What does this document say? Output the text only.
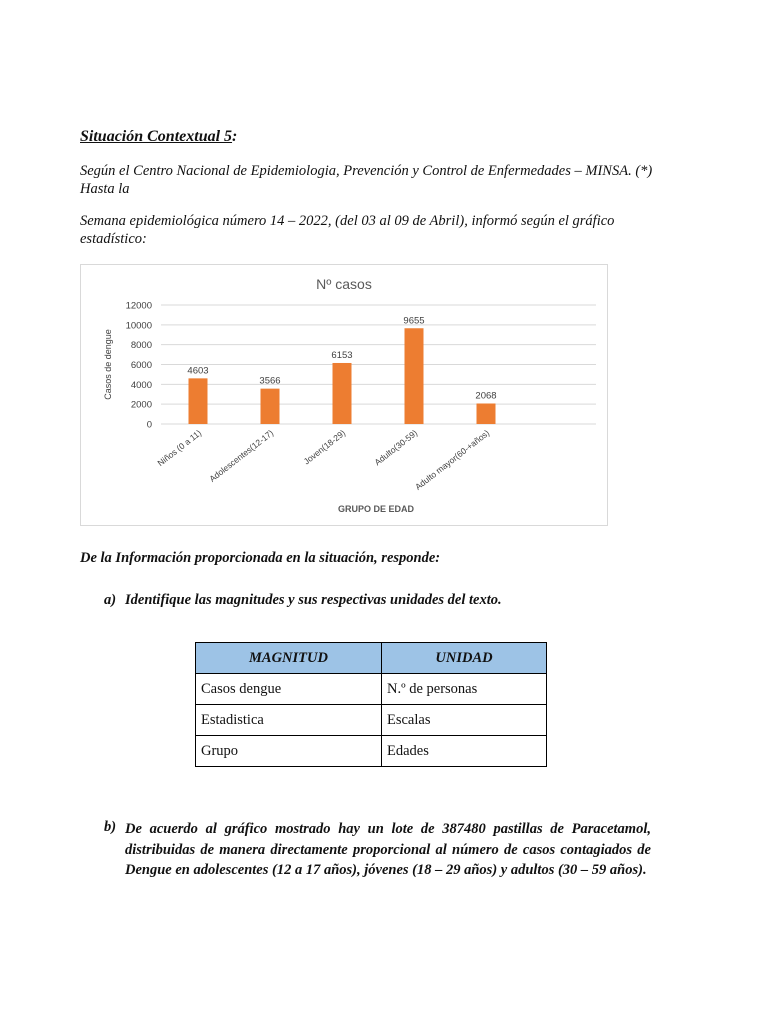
Situación Contextual 5:

Según el Centro Nacional de Epidemiologia, Prevención y Control de Enfermedades – MINSA. (*) Hasta la

Semana epidemiológica número 14 – 2022, (del 03 al 09 de Abril), informó según el gráfico estadístico:

Nº casos
0
2000
4000
6000
8000
10000
12000
Casos de dengue	4603
Niños (0 a 11)
3566
Adolescentes(12-17)
6153
Joven(18-29)
9655
Adulto(30-59)
2068
Adulto mayor(60-+años)
GRUPO DE EDAD

De la Información proporcionada en la situación, responde:

a) Identifique las magnitudes y sus respectivas unidades del texto.
MAGNITUD	UNIDAD
Casos dengue	N.º de personas
Estadistica	Escalas
Grupo	Edades
b) De acuerdo al gráfico mostrado hay un lote de 387480 pastillas de Paracetamol, distribuidas de manera directamente proporcional al número de casos contagiados de Dengue en adolescentes (12 a 17 años), jóvenes (18 – 29 años) y adultos (30 – 59 años).
